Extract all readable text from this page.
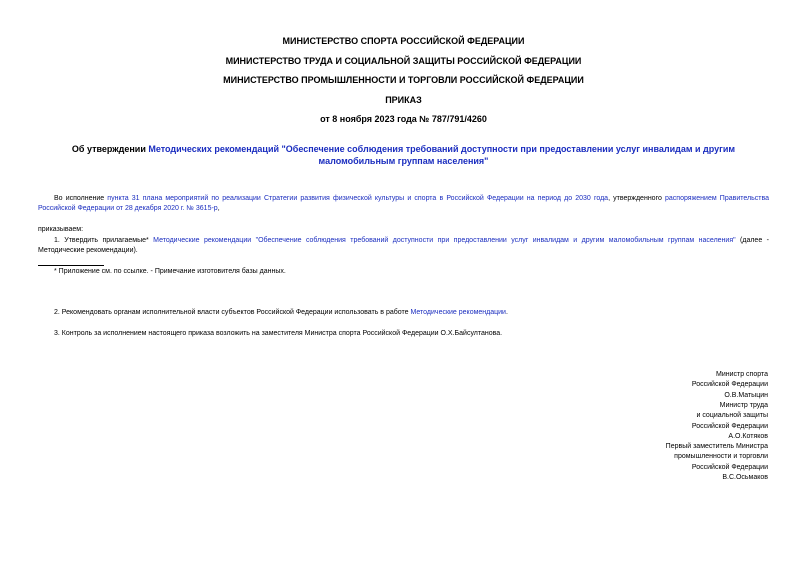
МИНИСТЕРСТВО СПОРТА РОССИЙСКОЙ ФЕДЕРАЦИИ
МИНИСТЕРСТВО ТРУДА И СОЦИАЛЬНОЙ ЗАЩИТЫ РОССИЙСКОЙ ФЕДЕРАЦИИ
МИНИСТЕРСТВО ПРОМЫШЛЕННОСТИ И ТОРГОВЛИ РОССИЙСКОЙ ФЕДЕРАЦИИ
ПРИКАЗ
от 8 ноября 2023 года № 787/791/4260
Об утверждении Методических рекомендаций "Обеспечение соблюдения требований доступности при предоставлении услуг инвалидам и другим маломобильным группам населения"
Во исполнение пункта 31 плана мероприятий по реализации Стратегии развития физической культуры и спорта в Российской Федерации на период до 2030 года, утвержденного распоряжением Правительства Российской Федерации от 28 декабря 2020 г. № 3615-р,
приказываем:
1. Утвердить прилагаемые* Методические рекомендации "Обеспечение соблюдения требований доступности при предоставлении услуг инвалидам и другим маломобильным группам населения" (далее - Методические рекомендации).
* Приложение см. по ссылке. - Примечание изготовителя базы данных.
2. Рекомендовать органам исполнительной власти субъектов Российской Федерации использовать в работе Методические рекомендации.
3. Контроль за исполнением настоящего приказа возложить на заместителя Министра спорта Российской Федерации О.Х.Байсултанова.
Министр спорта
Российской Федерации
О.В.Матыцин
Министр труда
и социальной защиты
Российской Федерации
А.О.Котяков
Первый заместитель Министра
промышленности и торговли
Российской Федерации
В.С.Осьмаков
